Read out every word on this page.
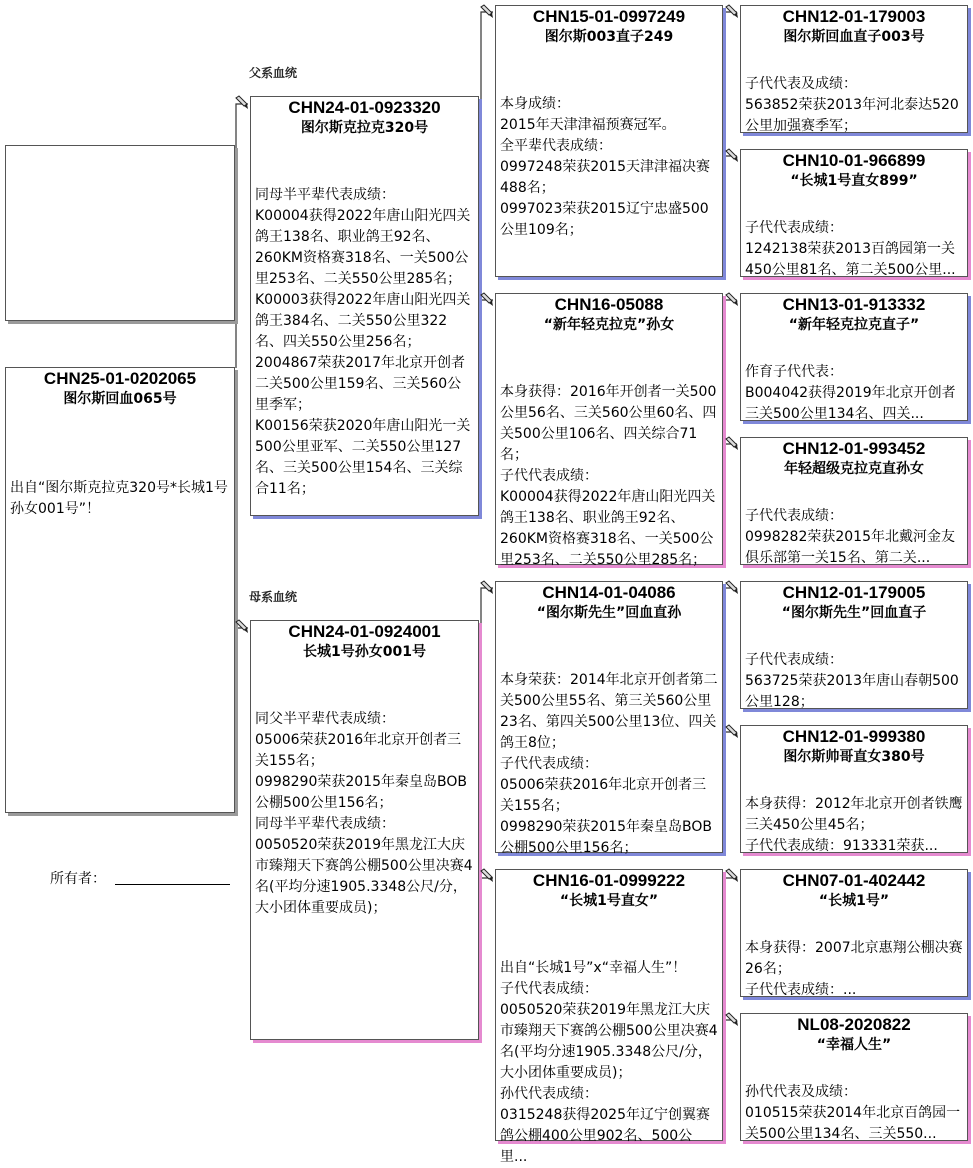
父系血统
母系血统
所有者：
CHN25-01-0202065
图尔斯回血065号
出自“图尔斯克拉克320号*长城1号孙女001号”！
CHN24-01-0923320
图尔斯克拉克320号
同母半平辈代表成绩：
K00004获得2022年唐山阳光四关鸽王138名、职业鸽王92名、260KM资格赛318名、一关500公里253名、二关550公里285名；
K00003获得2022年唐山阳光四关鸽王384名、二关550公里322名、四关550公里256名；
2004867荣获2017年北京开创者二关500公里159名、三关560公里季军；
K00156荣获2020年唐山阳光一关500公里亚军、二关550公里127名、三关500公里154名、三关综合11名；
CHN24-01-0924001
长城1号孙女001号
同父半平辈代表成绩：
05006荣获2016年北京开创者三关155名；
0998290荣获2015年秦皇岛BOB公棚500公里156名；
同母半平辈代表成绩：
0050520荣获2019年黑龙江大庆市臻翔天下赛鸽公棚500公里决赛4名(平均分速1905.3348公尺/分，大小团体重要成员)；
CHN15-01-0997249
图尔斯003直子249
本身成绩：
2015年天津津福预赛冠军。
全平辈代表成绩：
0997248荣获2015天津津福决赛488名；
0997023荣获2015辽宁忠盛500公里109名；
CHN16-05088
“新年轻克拉克”孙女
本身获得：2016年开创者一关500公里56名、三关560公里60名、四关500公里106名、四关综合71名；
子代代表成绩：
K00004获得2022年唐山阳光四关鸽王138名、职业鸽王92名、260KM资格赛318名、一关500公里253名、二关550公里285名；
CHN14-01-04086
“图尔斯先生”回血直孙
本身荣获：2014年北京开创者第二关500公里55名、第三关560公里23名、第四关500公里13位、四关鸽王8位；
子代代表成绩：
05006荣获2016年北京开创者三关155名；
0998290荣获2015年秦皇岛BOB公棚500公里156名；
CHN16-01-0999222
“长城1号直女”
出自“长城1号”x“幸福人生”！
子代代表成绩：
0050520荣获2019年黑龙江大庆市臻翔天下赛鸽公棚500公里决赛4名(平均分速1905.3348公尺/分，大小团体重要成员)；
孙代代表成绩：
0315248获得2025年辽宁创翼赛鸽公棚400公里902名、500公里...
CHN12-01-179003
图尔斯回血直子003号
子代代表及成绩：
563852荣获2013年河北泰达520公里加强赛季军；
CHN10-01-966899
“长城1号直女899”
子代代表成绩：
1242138荣获2013百鸽园第一关450公里81名、第二关500公里...
CHN13-01-913332
“新年轻克拉克直子”
作育子代代表：
B004042获得2019年北京开创者三关500公里134名、四关...
CHN12-01-993452
年轻超级克拉克直孙女
子代代表成绩：
0998282荣获2015年北戴河金友俱乐部第一关15名、第二关...
CHN12-01-179005
“图尔斯先生”回血直子
子代代表成绩：
563725荣获2013年唐山春朝500公里128；
CHN12-01-999380
图尔斯帅哥直女380号
本身获得：2012年北京开创者铁鹰三关450公里45名；
子代代表成绩：913331荣获...
CHN07-01-402442
“长城1号”
本身获得：2007北京惠翔公棚决赛26名；
子代代表成绩：...
NL08-2020822
“幸福人生”
孙代代表及成绩：
010515荣获2014年北京百鸽园一关500公里134名、三关550...
